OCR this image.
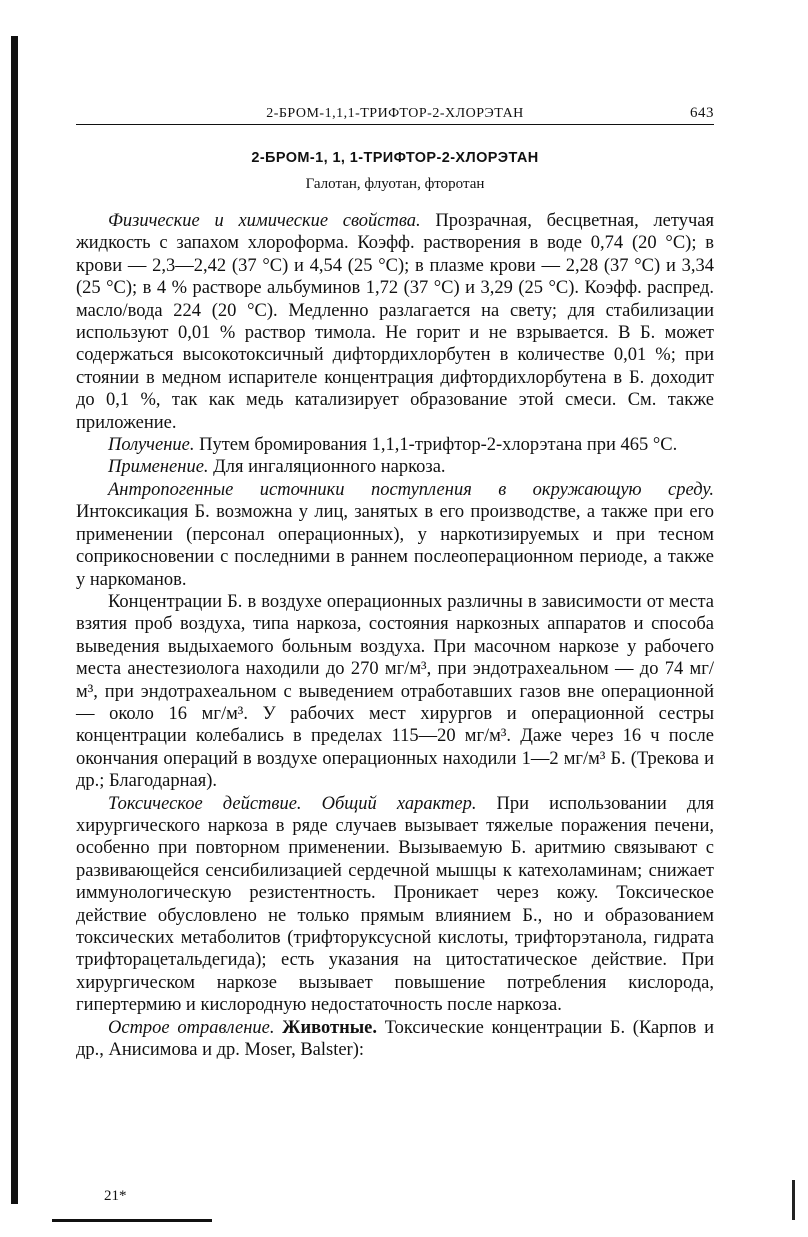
2-БРОМ-1,1,1-ТРИФТОР-2-ХЛОРЭТАН	643

2-БРОМ-1, 1, 1-ТРИФТОР-2-ХЛОРЭТАН

Галотан, флуотан, фторотан

Физические и химические свойства. Прозрачная, бесцветная, летучая жидкость с запахом хлороформа. Коэфф. растворения в воде 0,74 (20 °С); в крови — 2,3—2,42 (37 °С) и 4,54 (25 °С); в плазме крови — 2,28 (37 °С) и 3,34 (25 °С); в 4 % растворе альбуминов 1,72 (37 °С) и 3,29 (25 °С). Коэфф. распред. масло/вода 224 (20 °С). Медленно разлагается на свету; для стабилизации используют 0,01 % раствор тимола. Не горит и не взрывается. В Б. может содержаться высокотоксичный дифтордихлорбутен в количестве 0,01 %; при стоянии в медном испарителе концентрация дифтордихлорбутена в Б. доходит до 0,1 %, так как медь катализирует образование этой смеси. См. также приложение.

Получение. Путем бромирования 1,1,1-трифтор-2-хлорэтана при 465 °С.

Применение. Для ингаляционного наркоза.

Антропогенные источники поступления в окружающую среду. Интоксикация Б. возможна у лиц, занятых в его производстве, а также при его применении (персонал операционных), у наркотизируемых и при тесном соприкосновении с последними в раннем послеоперационном периоде, а также у наркоманов.

Концентрации Б. в воздухе операционных различны в зависимости от места взятия проб воздуха, типа наркоза, состояния наркозных аппаратов и способа выведения выдыхаемого больным воздуха. При масочном наркозе у рабочего места анестезиолога находили до 270 мг/м³, при эндотрахеальном — до 74 мг/м³, при эндотрахеальном с выведением отработавших газов вне операционной — около 16 мг/м³. У рабочих мест хирургов и операционной сестры концентрации колебались в пределах 115—20 мг/м³. Даже через 16 ч после окончания операций в воздухе операционных находили 1—2 мг/м³ Б. (Трекова и др.; Благодарная).

Токсическое действие. Общий характер. При использовании для хирургического наркоза в ряде случаев вызывает тяжелые поражения печени, особенно при повторном применении. Вызываемую Б. аритмию связывают с развивающейся сенсибилизацией сердечной мышцы к катехоламинам; снижает иммунологическую резистентность. Проникает через кожу. Токсическое действие обусловлено не только прямым влиянием Б., но и образованием токсических метаболитов (трифторуксусной кислоты, трифторэтанола, гидрата трифторацетальдегида); есть указания на цитостатическое действие. При хирургическом наркозе вызывает повышение потребления кислорода, гипертермию и кислородную недостаточность после наркоза.

Острое отравление. Животные. Токсические концентрации Б. (Карпов и др., Анисимова и др. Moser, Balster):

21*
